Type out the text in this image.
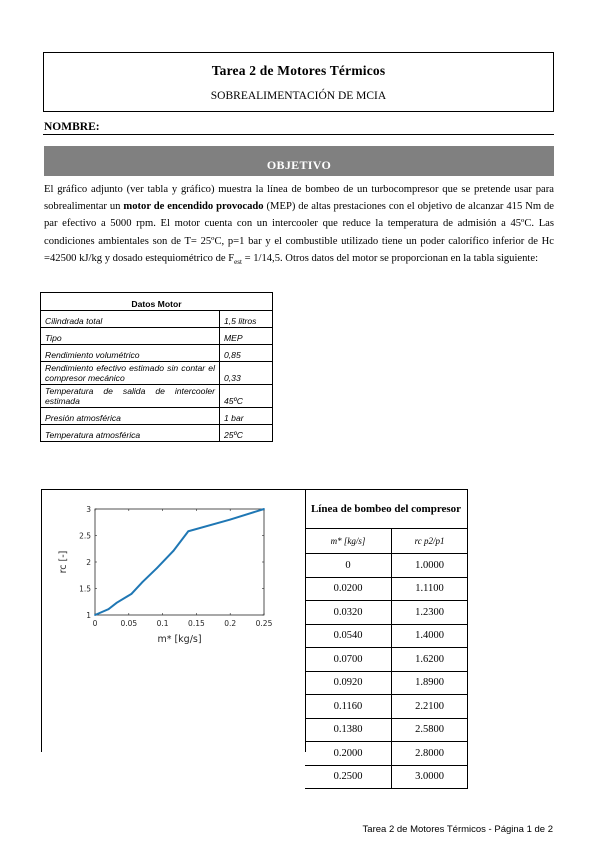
Tarea 2 de Motores Térmicos
SOBREALIMENTACIÓN DE MCIA
NOMBRE:
OBJETIVO
El gráfico adjunto (ver tabla y gráfico) muestra la línea de bombeo de un turbocompresor que se pretende usar para sobrealimentar un motor de encendido provocado (MEP) de altas prestaciones con el objetivo de alcanzar 415 Nm de par efectivo a 5000 rpm. El motor cuenta con un intercooler que reduce la temperatura de admisión a 45ºC. Las condiciones ambientales son de T= 25ºC, p=1 bar y el combustible utilizado tiene un poder calorífico inferior de Hc =42500 kJ/kg y dosado estequiométrico de $F_{est} = 1/14,5$. Otros datos del motor se proporcionan en la tabla siguiente:
Datos Motor	
Cilindrada total	1,5 litros
Tipo	MEP
Rendimiento volumétrico	0,85
Rendimiento efectivo estimado sin contar el compresor mecánico	0,33
Temperatura de salida de intercooler estimada	45ºC
Presión atmosférica	1 bar
Temperatura atmosférica	25ºC
0	0.05	0.1	0.15	0.2	0.25
1
1.5
2
2.5
3
m* [kg/s]
rc [-]
Línea de bombeo del compresor	
m* [kg/s]	rc p2/p1
0	1.0000
0.0200	1.1100
0.0320	1.2300
0.0540	1.4000
0.0700	1.6200
0.0920	1.8900
0.1160	2.2100
0.1380	2.5800
0.2000	2.8000
0.2500	3.0000
Tarea 2 de Motores Térmicos - Página 1 de 2
